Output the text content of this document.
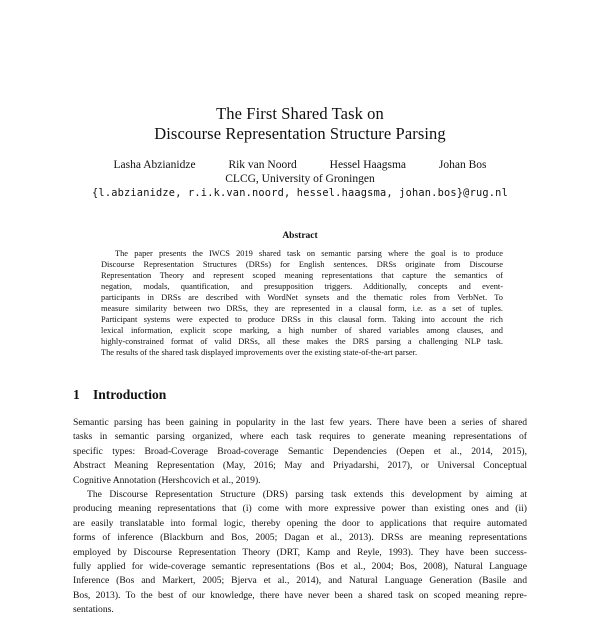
The First Shared Task on
Discourse Representation Structure Parsing
Lasha Abzianidze	Rik van Noord	Hessel Haagsma	Johan Bos
CLCG, University of Groningen
{l.abzianidze, r.i.k.van.noord, hessel.haagsma, johan.bos}@rug.nl
Abstract
The paper presents the IWCS 2019 shared task on semantic parsing where the goal is to produce
Discourse Representation Structures (DRSs) for English sentences. DRSs originate from Discourse
Representation Theory and represent scoped meaning representations that capture the semantics of
negation, modals, quantification, and presupposition triggers. Additionally, concepts and event-
participants in DRSs are described with WordNet synsets and the thematic roles from VerbNet. To
measure similarity between two DRSs, they are represented in a clausal form, i.e. as a set of tuples.
Participant systems were expected to produce DRSs in this clausal form. Taking into account the rich
lexical information, explicit scope marking, a high number of shared variables among clauses, and
highly-constrained format of valid DRSs, all these makes the DRS parsing a challenging NLP task.
The results of the shared task displayed improvements over the existing state-of-the-art parser.
1 Introduction
Semantic parsing has been gaining in popularity in the last few years. There have been a series of shared
tasks in semantic parsing organized, where each task requires to generate meaning representations of
specific types: Broad-Coverage Broad-coverage Semantic Dependencies (Oepen et al., 2014, 2015),
Abstract Meaning Representation (May, 2016; May and Priyadarshi, 2017), or Universal Conceptual
Cognitive Annotation (Hershcovich et al., 2019).
The Discourse Representation Structure (DRS) parsing task extends this development by aiming at
producing meaning representations that (i) come with more expressive power than existing ones and (ii)
are easily translatable into formal logic, thereby opening the door to applications that require automated
forms of inference (Blackburn and Bos, 2005; Dagan et al., 2013). DRSs are meaning representations
employed by Discourse Representation Theory (DRT, Kamp and Reyle, 1993). They have been success-
fully applied for wide-coverage semantic representations (Bos et al., 2004; Bos, 2008), Natural Language
Inference (Bos and Markert, 2005; Bjerva et al., 2014), and Natural Language Generation (Basile and
Bos, 2013). To the best of our knowledge, there have never been a shared task on scoped meaning repre-
sentations.
